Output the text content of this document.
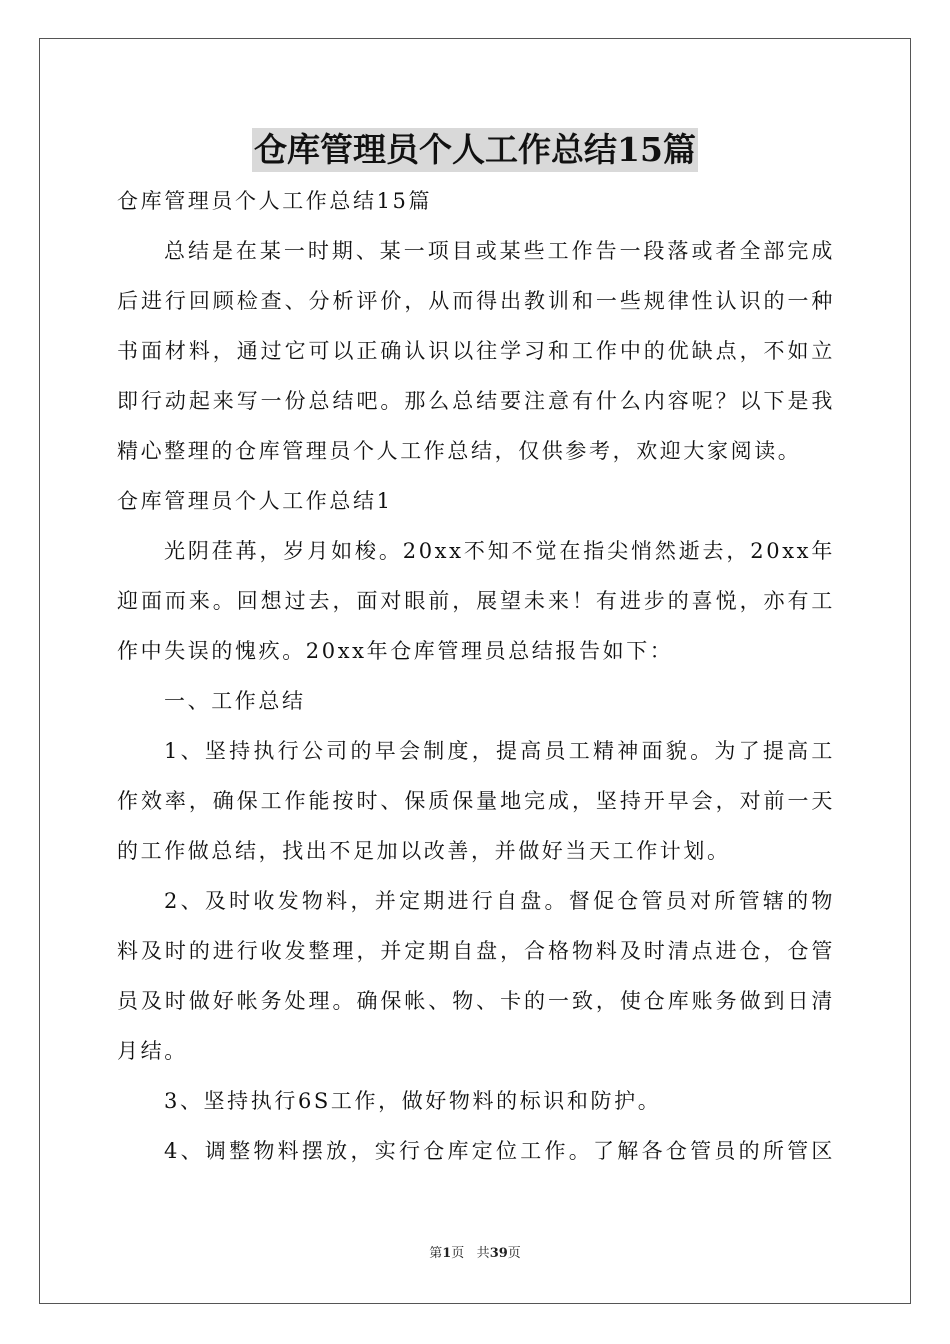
仓库管理员个人工作总结15篇
仓库管理员个人工作总结15篇
总结是在某一时期、某一项目或某些工作告一段落或者全部完成
后进行回顾检查、分析评价，从而得出教训和一些规律性认识的一种
书面材料，通过它可以正确认识以往学习和工作中的优缺点，不如立
即行动起来写一份总结吧。那么总结要注意有什么内容呢？以下是我
精心整理的仓库管理员个人工作总结，仅供参考，欢迎大家阅读。
仓库管理员个人工作总结1
光阴荏苒，岁月如梭。20xx不知不觉在指尖悄然逝去，20xx年
迎面而来。回想过去，面对眼前，展望未来！有进步的喜悦，亦有工
作中失误的愧疚。20xx年仓库管理员总结报告如下：
一、工作总结
1、坚持执行公司的早会制度，提高员工精神面貌。为了提高工
作效率，确保工作能按时、保质保量地完成，坚持开早会，对前一天
的工作做总结，找出不足加以改善，并做好当天工作计划。
2、及时收发物料，并定期进行自盘。督促仓管员对所管辖的物
料及时的进行收发整理，并定期自盘，合格物料及时清点进仓，仓管
员及时做好帐务处理。确保帐、物、卡的一致，使仓库账务做到日清
月结。
3、坚持执行6S工作，做好物料的标识和防护。
4、调整物料摆放，实行仓库定位工作。了解各仓管员的所管区
第1页 共39页
